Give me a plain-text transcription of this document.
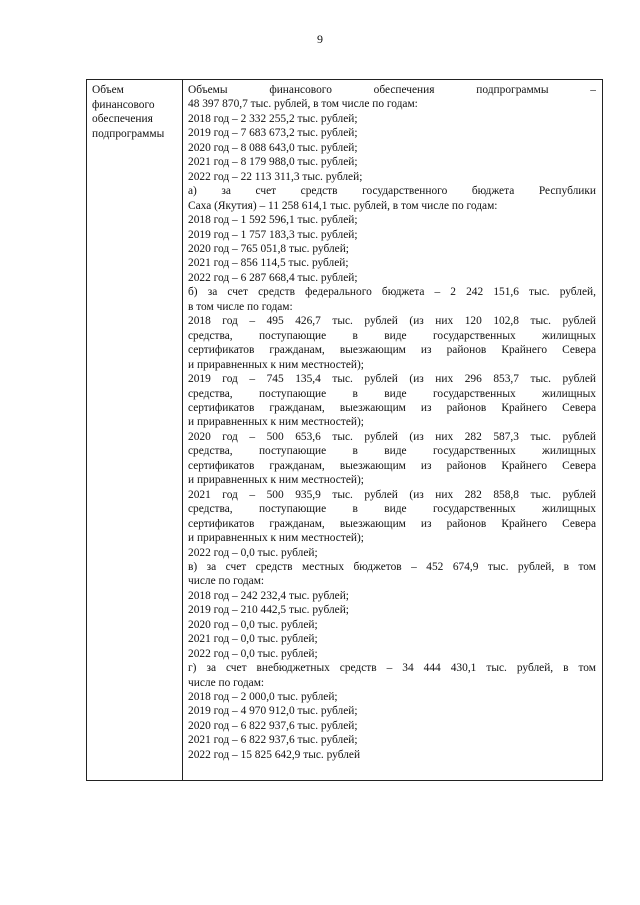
9
Объем
финансового
обеспечения
подпрограммы

Объемы финансового обеспечения подпрограммы –
48 397 870,7 тыс. рублей, в том числе по годам:
2018 год – 2 332 255,2 тыс. рублей;
2019 год – 7 683 673,2 тыс. рублей;
2020 год – 8 088 643,0 тыс. рублей;
2021 год – 8 179 988,0 тыс. рублей;
2022 год – 22 113 311,3 тыс. рублей;
а) за счет средств государственного бюджета Республики
Саха (Якутия) – 11 258 614,1 тыс. рублей, в том числе по годам:
2018 год – 1 592 596,1 тыс. рублей;
2019 год – 1 757 183,3 тыс. рублей;
2020 год – 765 051,8 тыс. рублей;
2021 год – 856 114,5 тыс. рублей;
2022 год – 6 287 668,4 тыс. рублей;
б) за счет средств федерального бюджета – 2 242 151,6 тыс. рублей,
в том числе по годам:
2018 год – 495 426,7 тыс. рублей (из них 120 102,8 тыс. рублей
средства, поступающие в виде государственных жилищных
сертификатов гражданам, выезжающим из районов Крайнего Севера
и приравненных к ним местностей);
2019 год – 745 135,4 тыс. рублей (из них 296 853,7 тыс. рублей
средства, поступающие в виде государственных жилищных
сертификатов гражданам, выезжающим из районов Крайнего Севера
и приравненных к ним местностей);
2020 год – 500 653,6 тыс. рублей (из них 282 587,3 тыс. рублей
средства, поступающие в виде государственных жилищных
сертификатов гражданам, выезжающим из районов Крайнего Севера
и приравненных к ним местностей);
2021 год – 500 935,9 тыс. рублей (из них 282 858,8 тыс. рублей
средства, поступающие в виде государственных жилищных
сертификатов гражданам, выезжающим из районов Крайнего Севера
и приравненных к ним местностей);
2022 год – 0,0 тыс. рублей;
в) за счет средств местных бюджетов – 452 674,9 тыс. рублей, в том
числе по годам:
2018 год – 242 232,4 тыс. рублей;
2019 год – 210 442,5 тыс. рублей;
2020 год – 0,0 тыс. рублей;
2021 год – 0,0 тыс. рублей;
2022 год – 0,0 тыс. рублей;
г) за счет внебюджетных средств – 34 444 430,1 тыс. рублей, в том
числе по годам:
2018 год – 2 000,0 тыс. рублей;
2019 год – 4 970 912,0 тыс. рублей;
2020 год – 6 822 937,6 тыс. рублей;
2021 год – 6 822 937,6 тыс. рублей;
2022 год – 15 825 642,9 тыс. рублей
